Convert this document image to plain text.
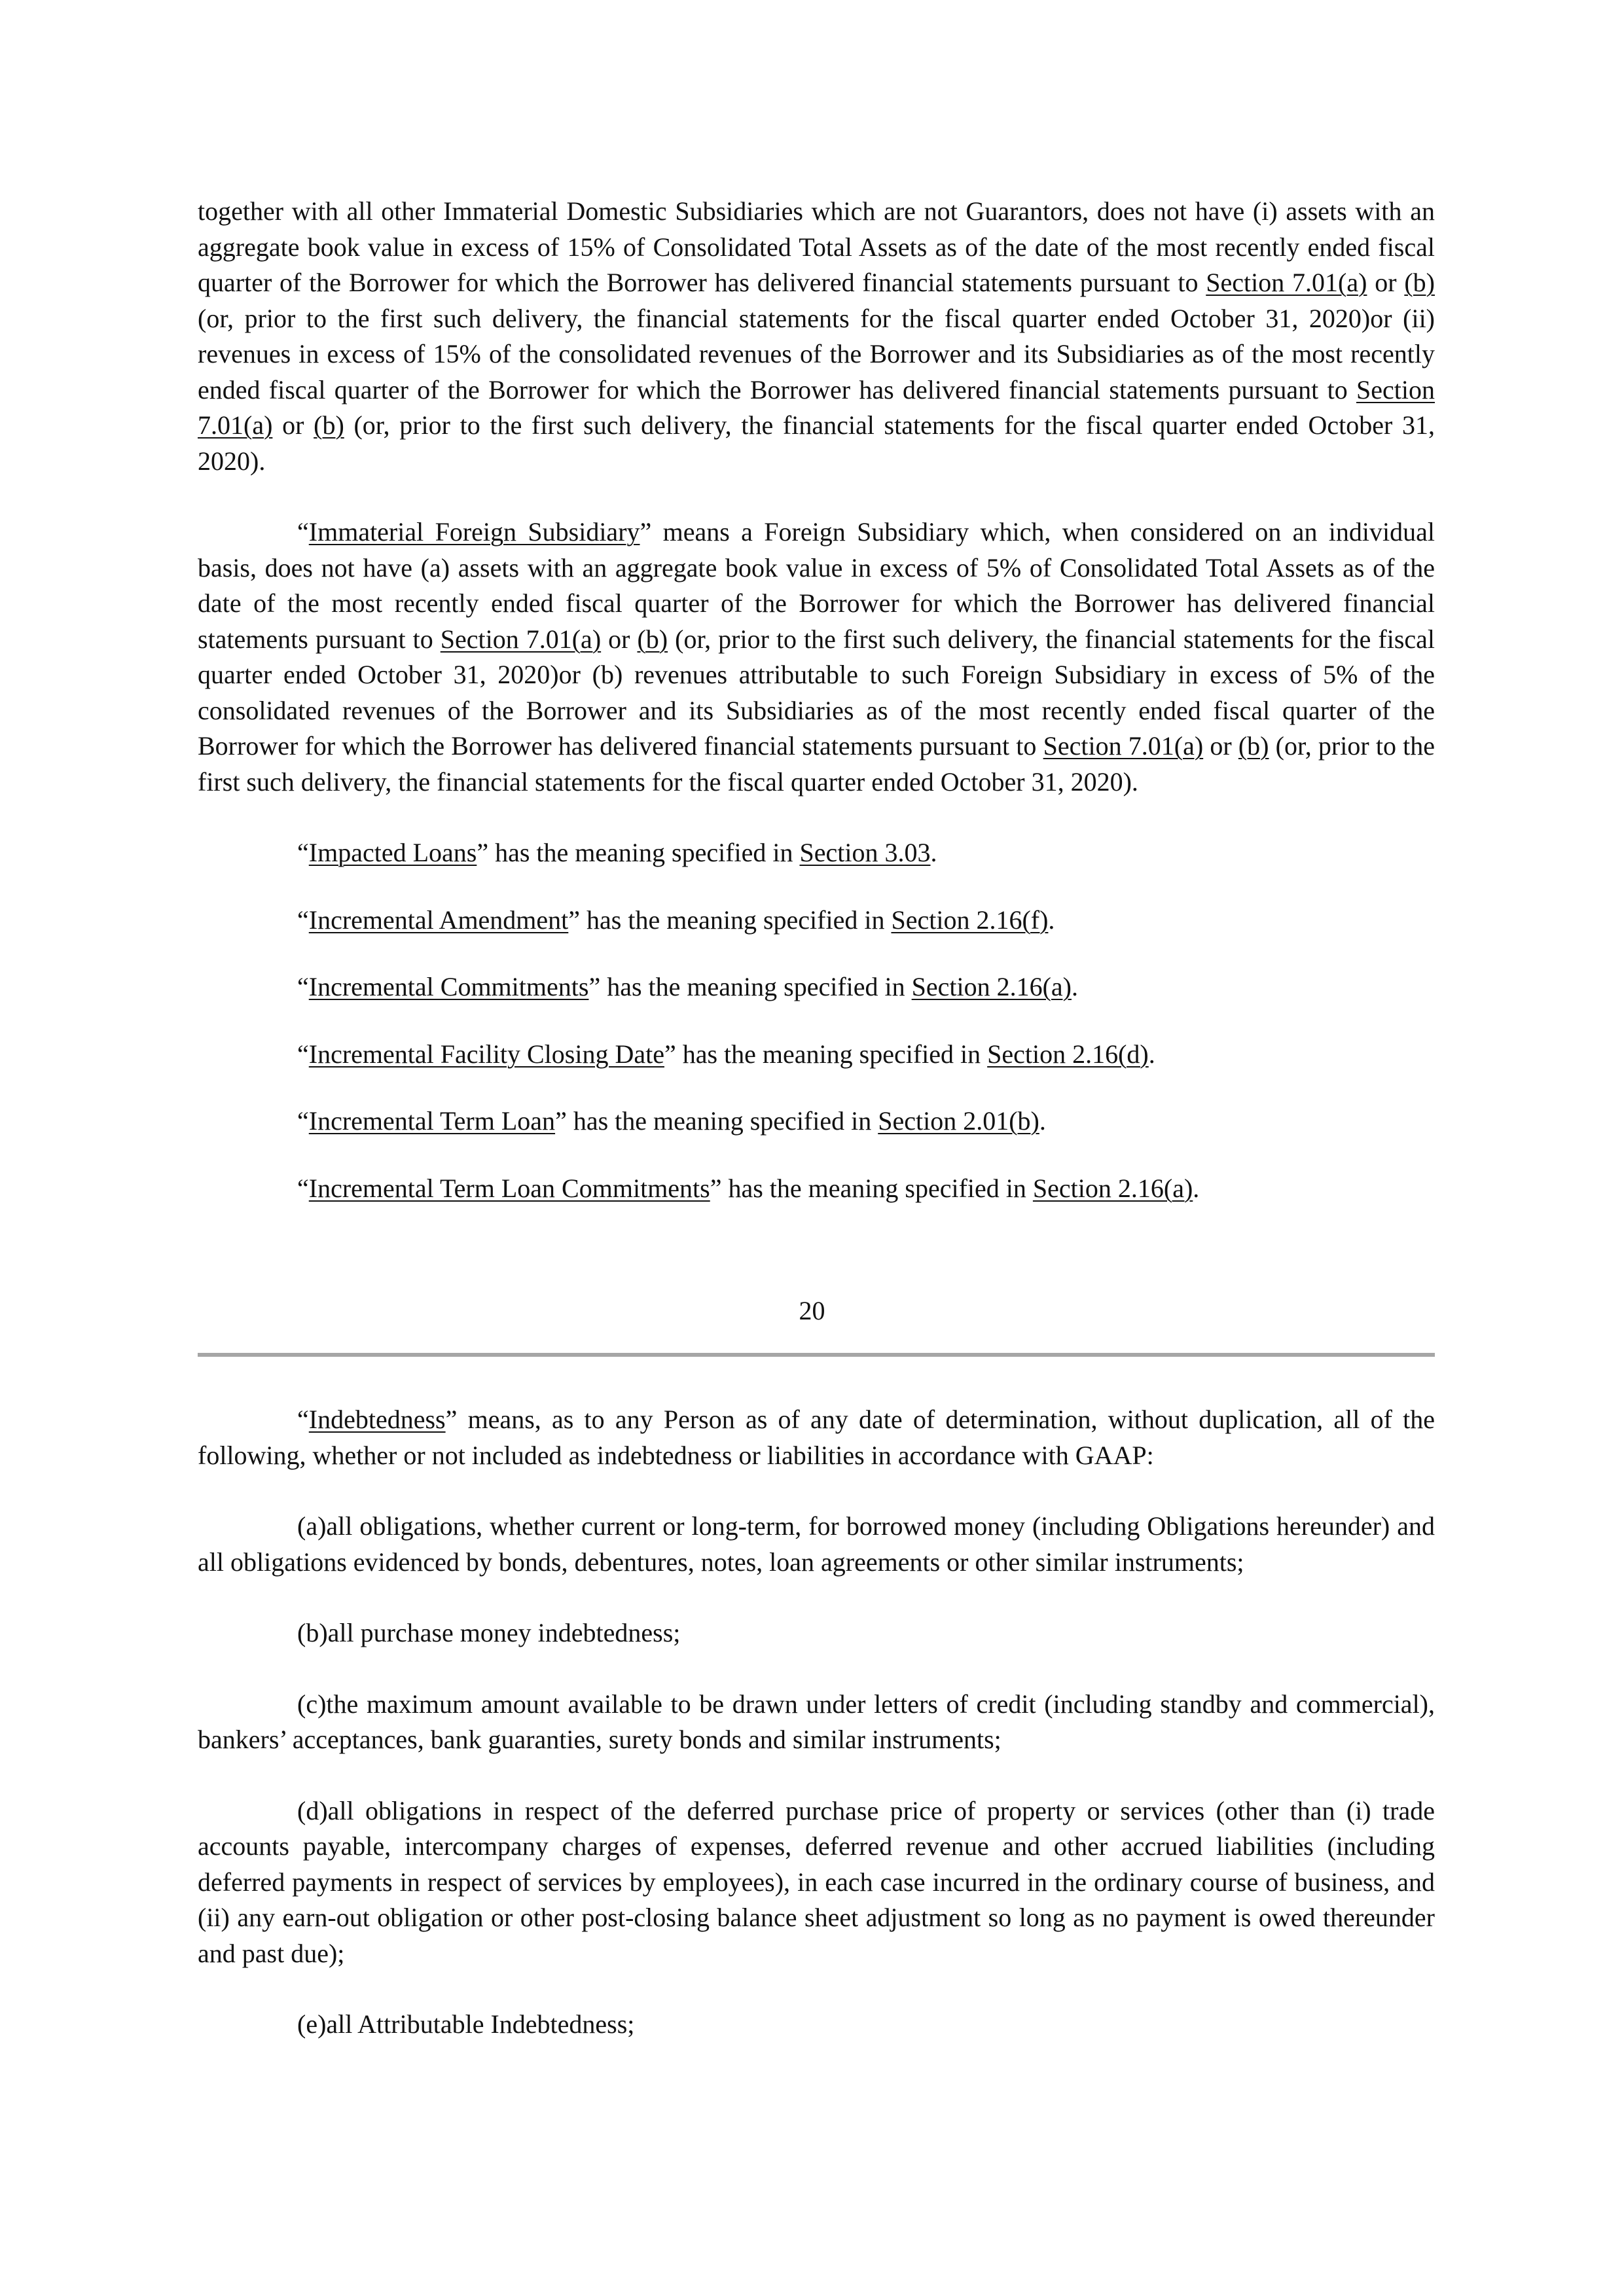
together with all other Immaterial Domestic Subsidiaries which are not Guarantors, does not have (i) assets with an aggregate book value in excess of 15% of Consolidated Total Assets as of the date of the most recently ended fiscal quarter of the Borrower for which the Borrower has delivered financial statements pursuant to Section 7.01(a) or (b) (or, prior to the first such delivery, the financial statements for the fiscal quarter ended October 31, 2020)or (ii) revenues in excess of 15% of the consolidated revenues of the Borrower and its Subsidiaries as of the most recently ended fiscal quarter of the Borrower for which the Borrower has delivered financial statements pursuant to Section 7.01(a) or (b) (or, prior to the first such delivery, the financial statements for the fiscal quarter ended October 31, 2020).

“Immaterial Foreign Subsidiary” means a Foreign Subsidiary which, when considered on an individual basis, does not have (a) assets with an aggregate book value in excess of 5% of Consolidated Total Assets as of the date of the most recently ended fiscal quarter of the Borrower for which the Borrower has delivered financial statements pursuant to Section 7.01(a) or (b) (or, prior to the first such delivery, the financial statements for the fiscal quarter ended October 31, 2020)or (b) revenues attributable to such Foreign Subsidiary in excess of 5% of the consolidated revenues of the Borrower and its Subsidiaries as of the most recently ended fiscal quarter of the Borrower for which the Borrower has delivered financial statements pursuant to Section 7.01(a) or (b) (or, prior to the first such delivery, the financial statements for the fiscal quarter ended October 31, 2020).

“Impacted Loans” has the meaning specified in Section 3.03.

“Incremental Amendment” has the meaning specified in Section 2.16(f).

“Incremental Commitments” has the meaning specified in Section 2.16(a).

“Incremental Facility Closing Date” has the meaning specified in Section 2.16(d).

“Incremental Term Loan” has the meaning specified in Section 2.01(b).

“Incremental Term Loan Commitments” has the meaning specified in Section 2.16(a).

20

“Indebtedness” means, as to any Person as of any date of determination, without duplication, all of the following, whether or not included as indebtedness or liabilities in accordance with GAAP:

(a)all obligations, whether current or long-term, for borrowed money (including Obligations hereunder) and all obligations evidenced by bonds, debentures, notes, loan agreements or other similar instruments;

(b)all purchase money indebtedness;

(c)the maximum amount available to be drawn under letters of credit (including standby and commercial), bankers’ acceptances, bank guaranties, surety bonds and similar instruments;

(d)all obligations in respect of the deferred purchase price of property or services (other than (i) trade accounts payable, intercompany charges of expenses, deferred revenue and other accrued liabilities (including deferred payments in respect of services by employees), in each case incurred in the ordinary course of business, and (ii) any earn-out obligation or other post-closing balance sheet adjustment so long as no payment is owed thereunder and past due);

(e)all Attributable Indebtedness;
